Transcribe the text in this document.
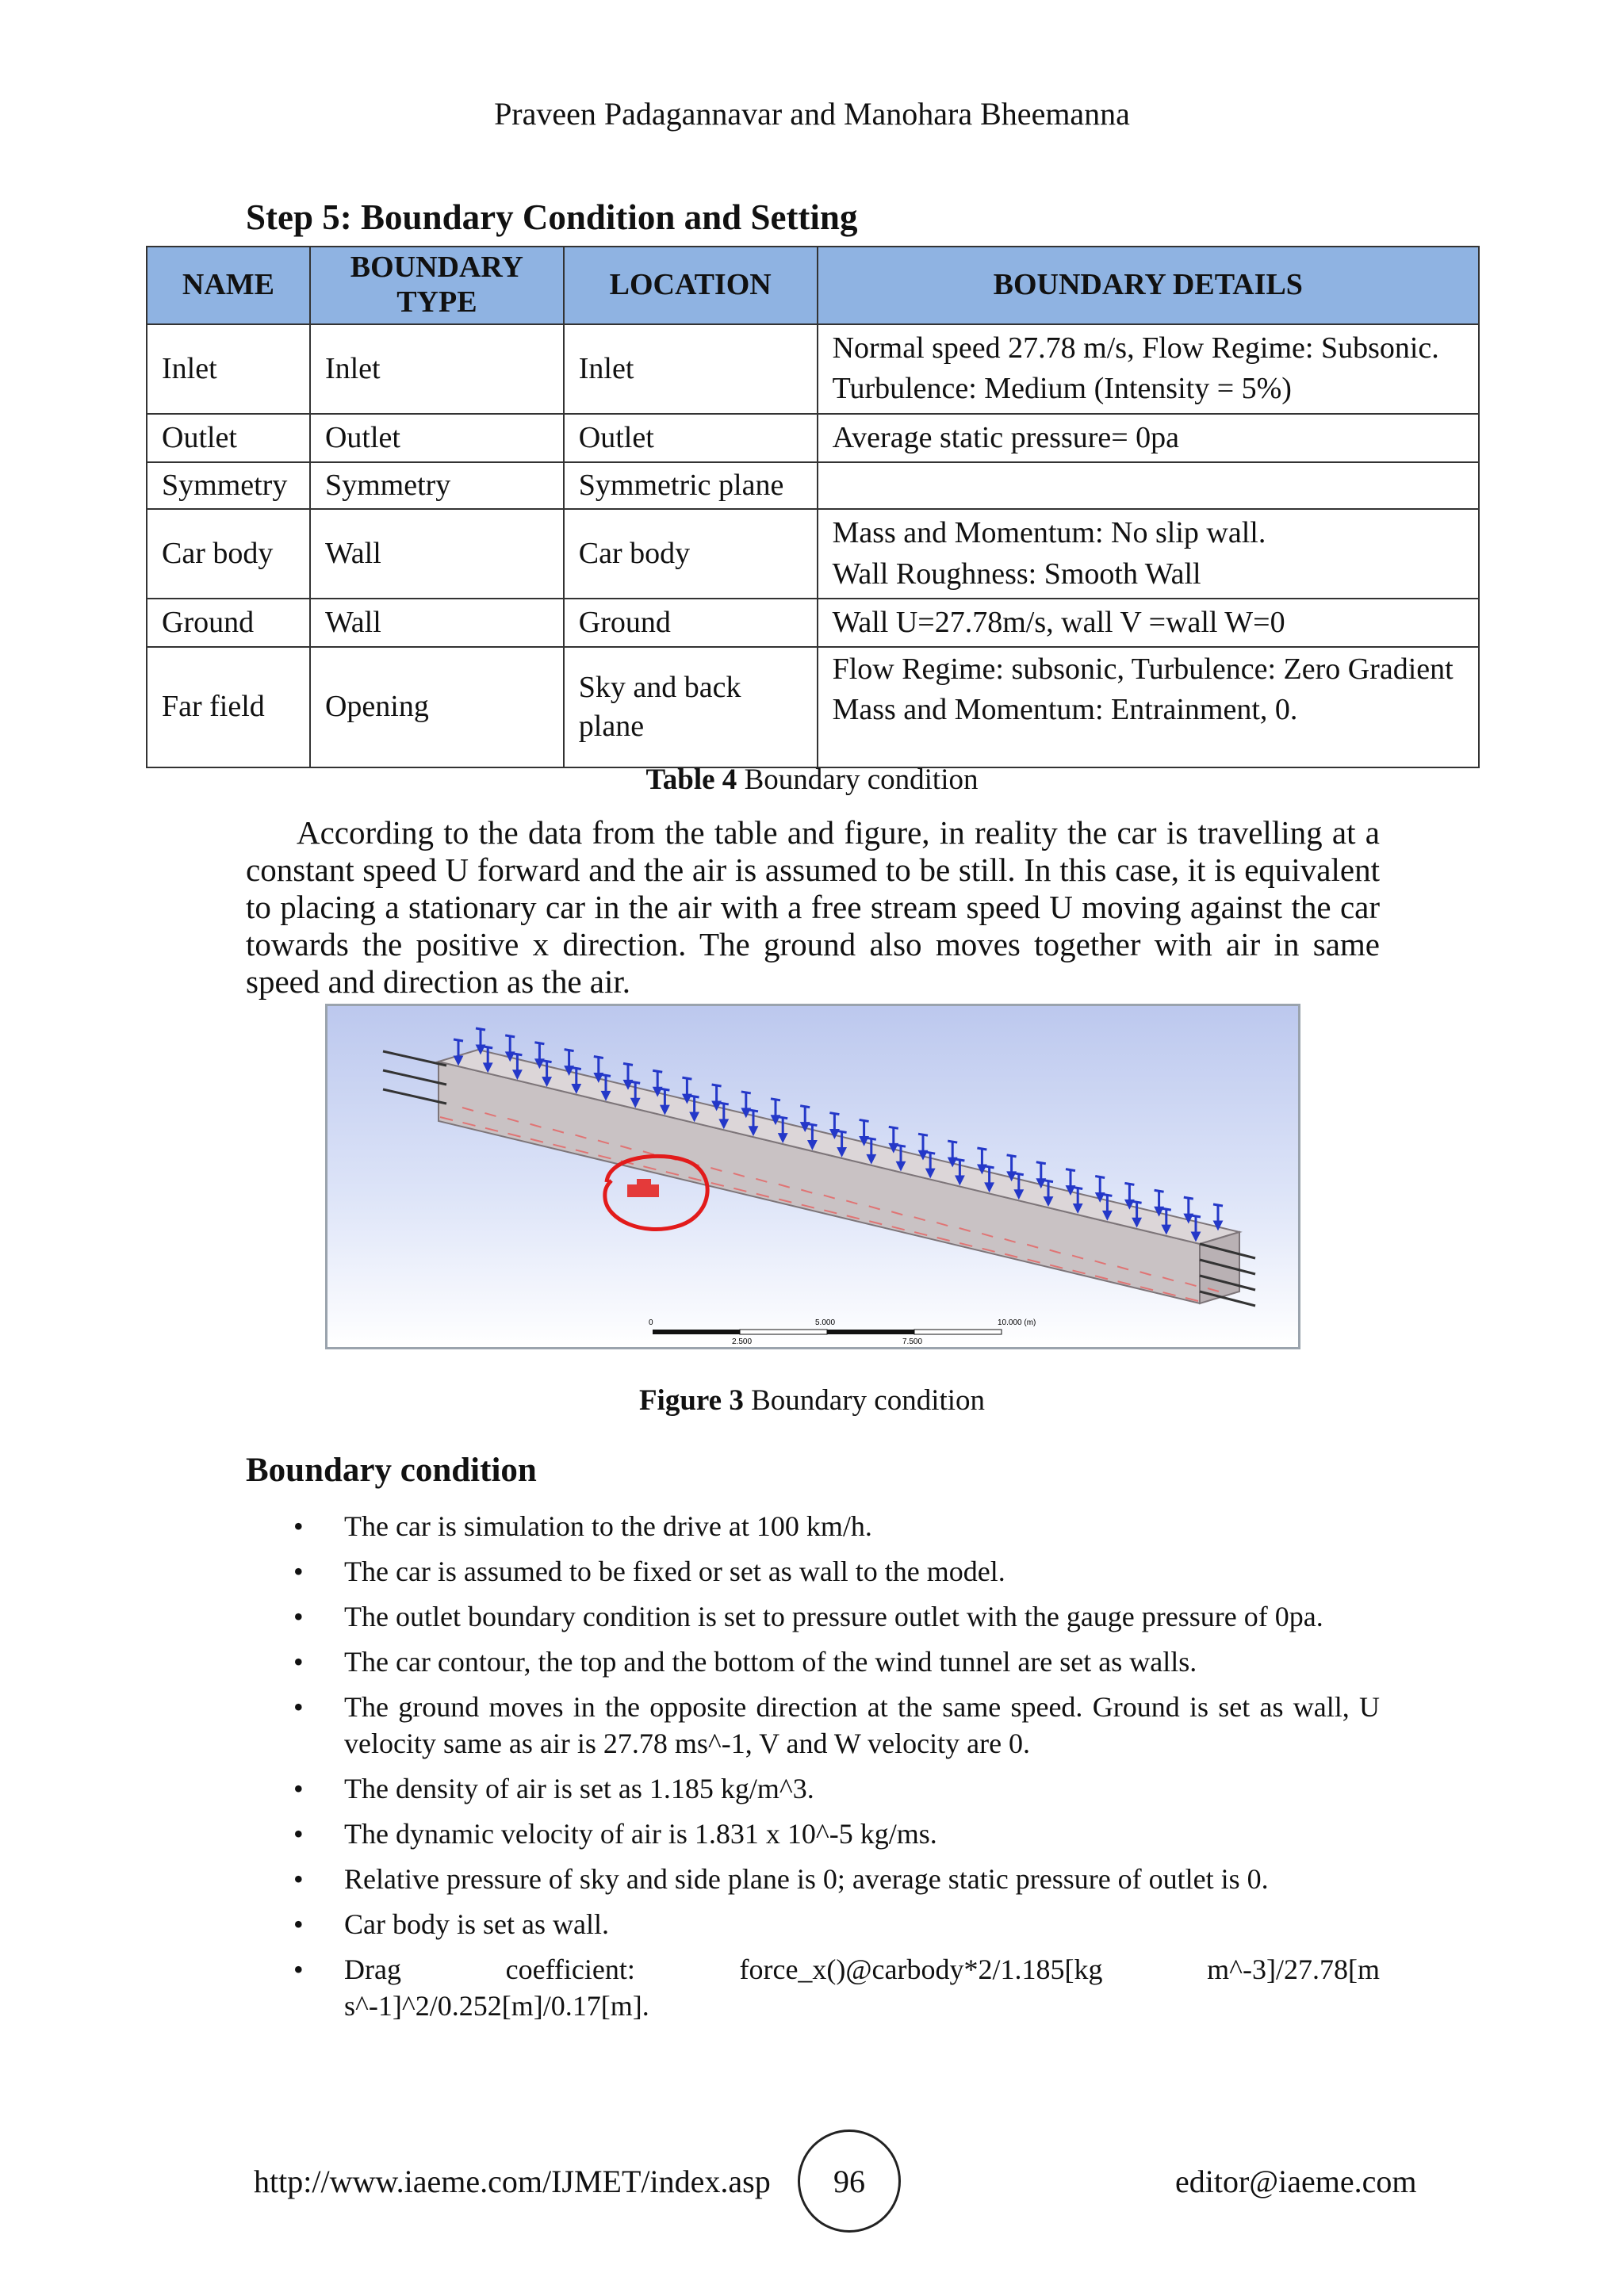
Praveen Padagannavar and Manohara Bheemanna
Step 5: Boundary Condition and Setting
NAME	BOUNDARY TYPE	LOCATION	BOUNDARY DETAILS
Inlet	Inlet	Inlet	Normal speed 27.78 m/s, Flow Regime: Subsonic.
Turbulence: Medium (Intensity = 5%)

Outlet	Outlet	Outlet	Average static pressure= 0pa

Symmetry	Symmetry	Symmetric plane	

Car body	Wall	Car body	Mass and Momentum: No slip wall.
Wall Roughness: Smooth Wall

Ground	Wall	Ground	Wall U=27.78m/s, wall V =wall W=0

Far field	Opening	Sky and back plane	Flow Regime: subsonic, Turbulence: Zero Gradient
Mass and Momentum: Entrainment, 0.
Table 4 Boundary condition

According to the data from the table and figure, in reality the car is travelling at a constant speed U forward and the air is assumed to be still. In this case, it is equivalent to placing a stationary car in the air with a free stream speed U moving against the car towards the positive x direction. The ground also moves together with air in same speed and direction as the air.

0
2.500
5.000
7.500
10.000 (m)
Figure 3 Boundary condition
Boundary condition
• The car is simulation to the drive at 100 km/h.
• The car is assumed to be fixed or set as wall to the model.
• The outlet boundary condition is set to pressure outlet with the gauge pressure of 0pa.
• The car contour, the top and the bottom of the wind tunnel are set as walls.
• The ground moves in the opposite direction at the same speed. Ground is set as wall, U velocity same as air is 27.78 ms^-1, V and W velocity are 0.
• The density of air is set as 1.185 kg/m^3.
• The dynamic velocity of air is 1.831 x 10^-5 kg/ms.
• Relative pressure of sky and side plane is 0; average static pressure of outlet is 0.
• Car body is set as wall.
• Drag coefficient: force_x()@carbody*2/1.185[kg m^-3]/27.78[m s^-1]^2/0.252[m]/0.17[m].
http://www.iaeme.com/IJMET/index.asp	96	editor@iaeme.com
